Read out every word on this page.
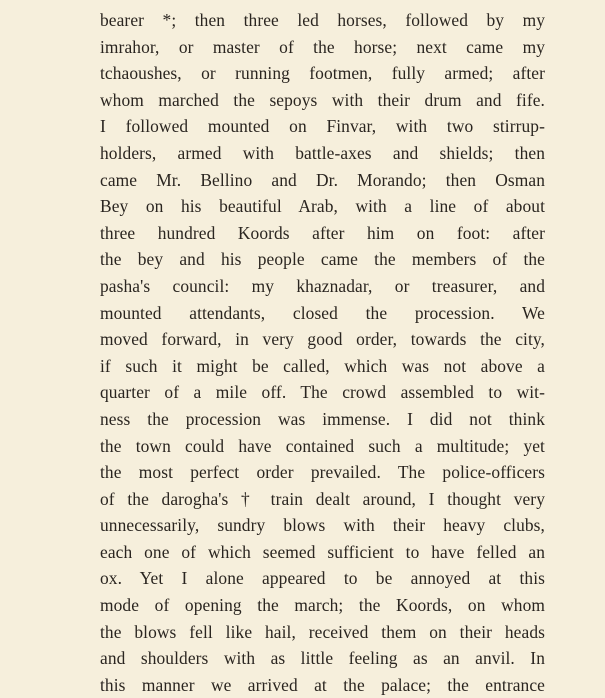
bearer *; then three led horses, followed by my
imrahor, or master of the horse; next came my
tchaoushes, or running footmen, fully armed; after
whom marched the sepoys with their drum and fife.
I followed mounted on Finvar, with two stirrup-
holders, armed with battle-axes and shields; then
came Mr. Bellino and Dr. Morando; then Osman
Bey on his beautiful Arab, with a line of about
three hundred Koords after him on foot: after
the bey and his people came the members of the
pasha's council: my khaznadar, or treasurer, and
mounted attendants, closed the procession. We
moved forward, in very good order, towards the city,
if such it might be called, which was not above a
quarter of a mile off. The crowd assembled to wit-
ness the procession was immense. I did not think
the town could have contained such a multitude; yet
the most perfect order prevailed. The police-officers
of the darogha's † train dealt around, I thought very
unnecessarily, sundry blows with their heavy clubs,
each one of which seemed sufficient to have felled an
ox. Yet I alone appeared to be annoyed at this
mode of opening the march; the Koords, on whom
the blows fell like hail, received them on their heads
and shoulders with as little feeling as an anvil. In
this manner we arrived at the palace; the entrance
